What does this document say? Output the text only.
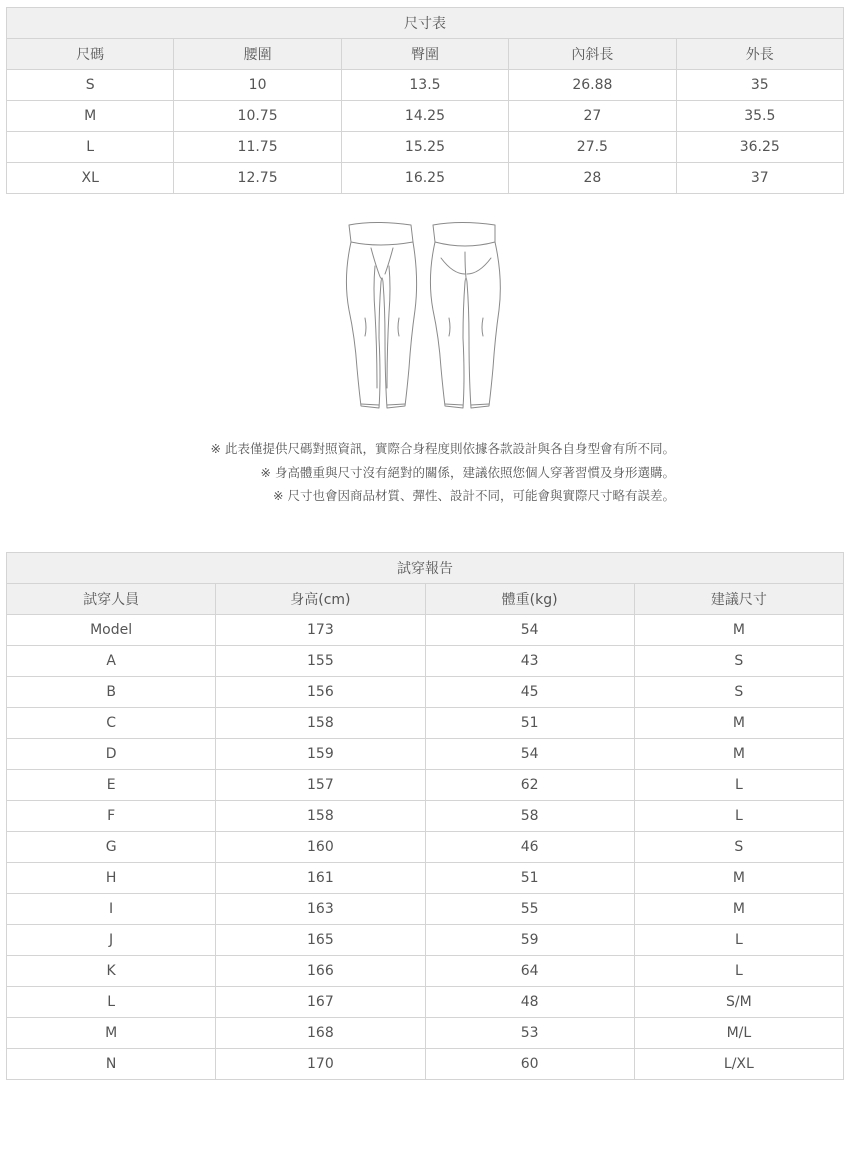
尺寸表				
尺碼	腰圍	臀圍	內斜長	外長
S	10	13.5	26.88	35
M	10.75	14.25	27	35.5
L	11.75	15.25	27.5	36.25
XL	12.75	16.25	28	37
※ 此表僅提供尺碼對照資訊，實際合身程度則依據各款設計與各自身型會有所不同。
※ 身高體重與尺寸沒有絕對的關係，建議依照您個人穿著習慣及身形選購。
※ 尺寸也會因商品材質、彈性、設計不同，可能會與實際尺寸略有誤差。
試穿報告			
試穿人員	身高(cm)	體重(kg)	建議尺寸
Model	173	54	M
A	155	43	S
B	156	45	S
C	158	51	M
D	159	54	M
E	157	62	L
F	158	58	L
G	160	46	S
H	161	51	M
I	163	55	M
J	165	59	L
K	166	64	L
L	167	48	S/M
M	168	53	M/L
N	170	60	L/XL
